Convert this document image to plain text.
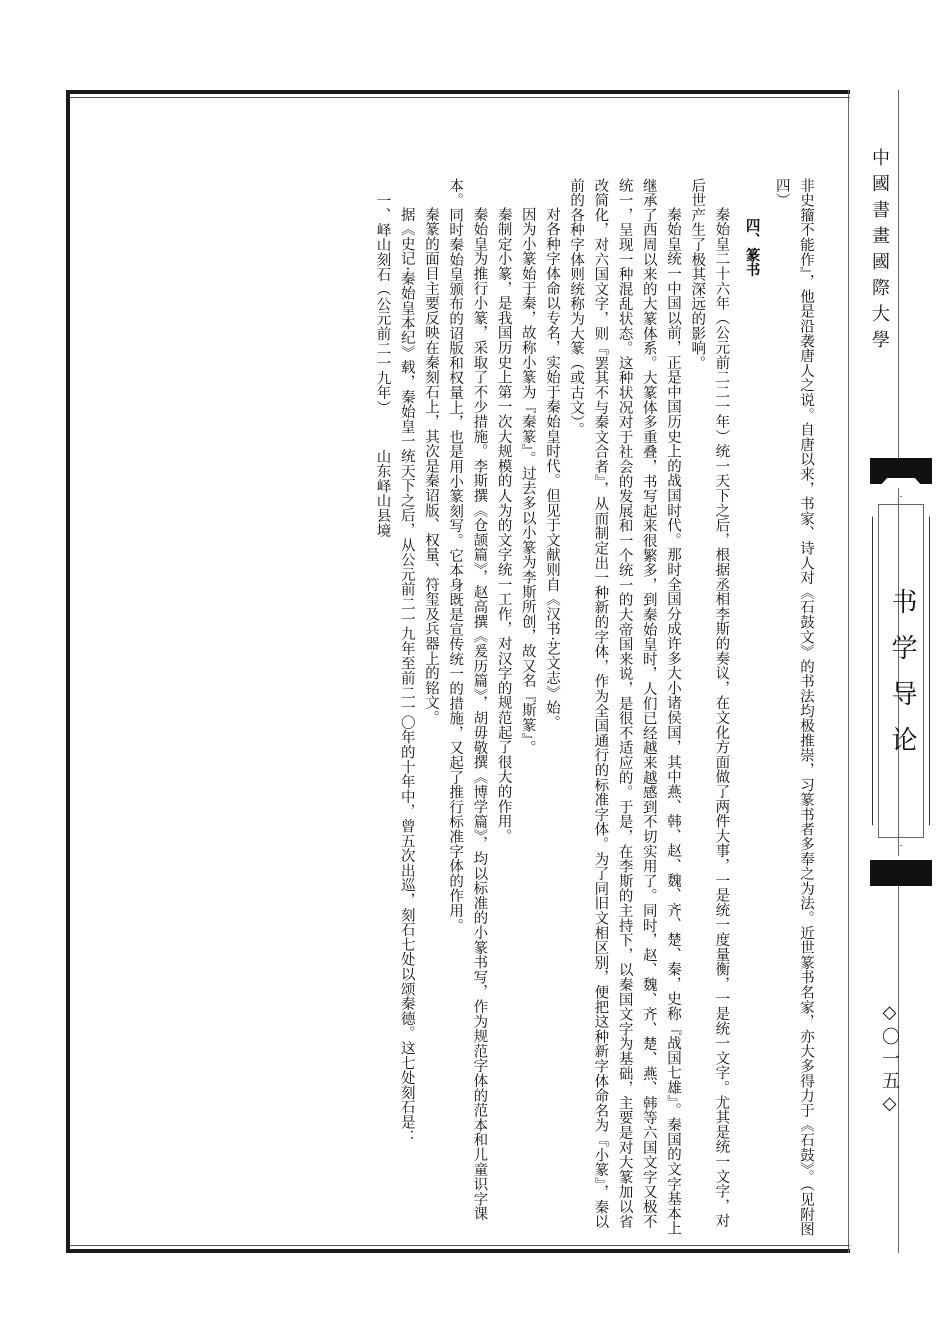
中國書畫國際大學
书学导论
◇〇一五◇

非史籀不能作』，他是沿袭唐人之说。自唐以来，书家、诗人对《石鼓文》的书法均极推崇，习篆书者多奉之为法。近世篆书名家，亦大多得力于《石鼓》。（见附图四）

四、篆书

秦始皇二十六年（公元前二二一年）统一天下之后，根据丞相李斯的奏议，在文化方面做了两件大事，一是统一度量衡，一是统一文字。尤其是统一文字，对后世产生了极其深远的影响。

秦始皇统一中国以前，正是中国历史上的战国时代。那时全国分成许多大小诸侯国，其中燕、韩、赵、魏、齐、楚、秦，史称『战国七雄』。秦国的文字基本上继承了西周以来的大篆体系。大篆体多重叠，书写起来很繁多，到秦始皇时，人们已经越来越感到不切实用了。同时，赵、魏、齐、楚、燕、韩等六国文字又极不统一，呈现一种混乱状态。这种状况对于社会的发展和一个统一的大帝国来说，是很不适应的。于是，在李斯的主持下，以秦国文字为基础，主要是对大篆加以省改简化，对六国文字，则『罢其不与秦文合者』，从而制定出一种新的字体，作为全国通行的标准字体。为了同旧文相区别，便把这种新字体命名为『小篆』，秦以前的各种字体则统称为大篆（或古文）。

对各种字体命以专名，实始于秦始皇时代。但见于文献则自《汉书·艺文志》始。

因为小篆始于秦，故称小篆为『秦篆』。过去多以小篆为李斯所创，故又名『斯篆』。

秦制定小篆，是我国历史上第一次大规模的人为的文字统一工作，对汉字的规范起了很大的作用。

秦始皇为推行小篆，采取了不少措施。李斯撰《仓颉篇》，赵高撰《爰历篇》，胡毋敬撰《博学篇》，均以标准的小篆书写，作为规范字体的范本和儿童识字课本。同时秦始皇颁布的诏版和权量上，也是用小篆刻写。它本身既是宣传统一的措施，又起了推行标准字体的作用。

秦篆的面目主要反映在秦刻石上，其次是秦诏版、权量、符玺及兵器上的铭文。

据《史记·秦始皇本纪》载，秦始皇一统天下之后，从公元前二一九年至前二一〇年的十年中，曾五次出巡，刻石七处以颂秦德。这七处刻石是：

一、峄山刻石（公元前二一九年）
山东峄山县境
